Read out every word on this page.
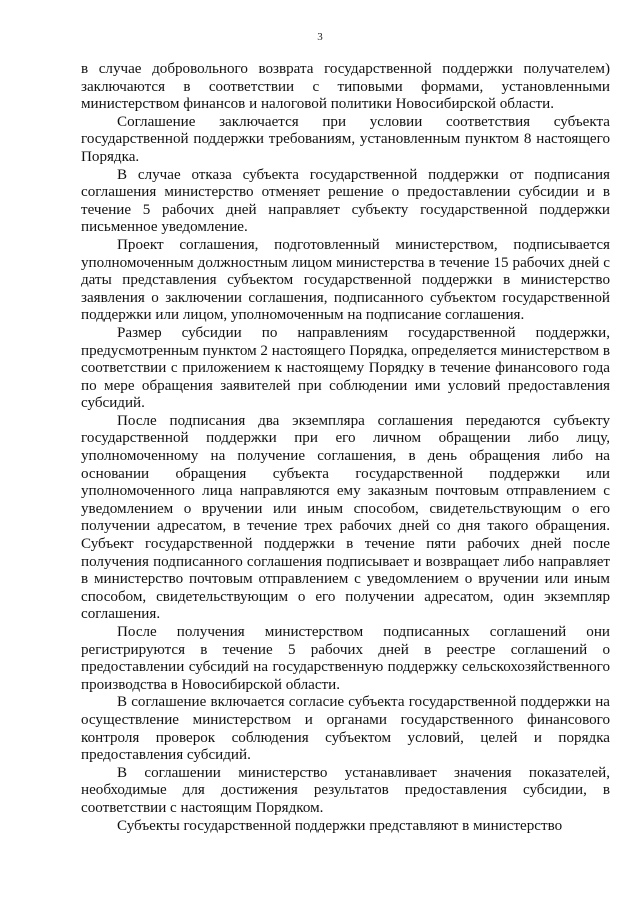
3

в случае добровольного возврата государственной поддержки получателем) заключаются в соответствии с типовыми формами, установленными министерством финансов и налоговой политики Новосибирской области.

Соглашение заключается при условии соответствия субъекта государственной поддержки требованиям, установленным пунктом 8 настоящего Порядка.

В случае отказа субъекта государственной поддержки от подписания соглашения министерство отменяет решение о предоставлении субсидии и в течение 5 рабочих дней направляет субъекту государственной поддержки письменное уведомление.

Проект соглашения, подготовленный министерством, подписывается уполномоченным должностным лицом министерства в течение 15 рабочих дней с даты представления субъектом государственной поддержки в министерство заявления о заключении соглашения, подписанного субъектом государственной поддержки или лицом, уполномоченным на подписание соглашения.

Размер субсидии по направлениям государственной поддержки, предусмотренным пунктом 2 настоящего Порядка, определяется министерством в соответствии с приложением к настоящему Порядку в течение финансового года по мере обращения заявителей при соблюдении ими условий предоставления субсидий.

После подписания два экземпляра соглашения передаются субъекту государственной поддержки при его личном обращении либо лицу, уполномоченному на получение соглашения, в день обращения либо на основании обращения субъекта государственной поддержки или уполномоченного лица направляются ему заказным почтовым отправлением с уведомлением о вручении или иным способом, свидетельствующим о его получении адресатом, в течение трех рабочих дней со дня такого обращения. Субъект государственной поддержки в течение пяти рабочих дней после получения подписанного соглашения подписывает и возвращает либо направляет в министерство почтовым отправлением с уведомлением о вручении или иным способом, свидетельствующим о его получении адресатом, один экземпляр соглашения.

После получения министерством подписанных соглашений они регистрируются в течение 5 рабочих дней в реестре соглашений о предоставлении субсидий на государственную поддержку сельскохозяйственного производства в Новосибирской области.

В соглашение включается согласие субъекта государственной поддержки на осуществление министерством и органами государственного финансового контроля проверок соблюдения субъектом условий, целей и порядка предоставления субсидий.

В соглашении министерство устанавливает значения показателей, необходимые для достижения результатов предоставления субсидии, в соответствии с настоящим Порядком.

Субъекты государственной поддержки представляют в министерство
